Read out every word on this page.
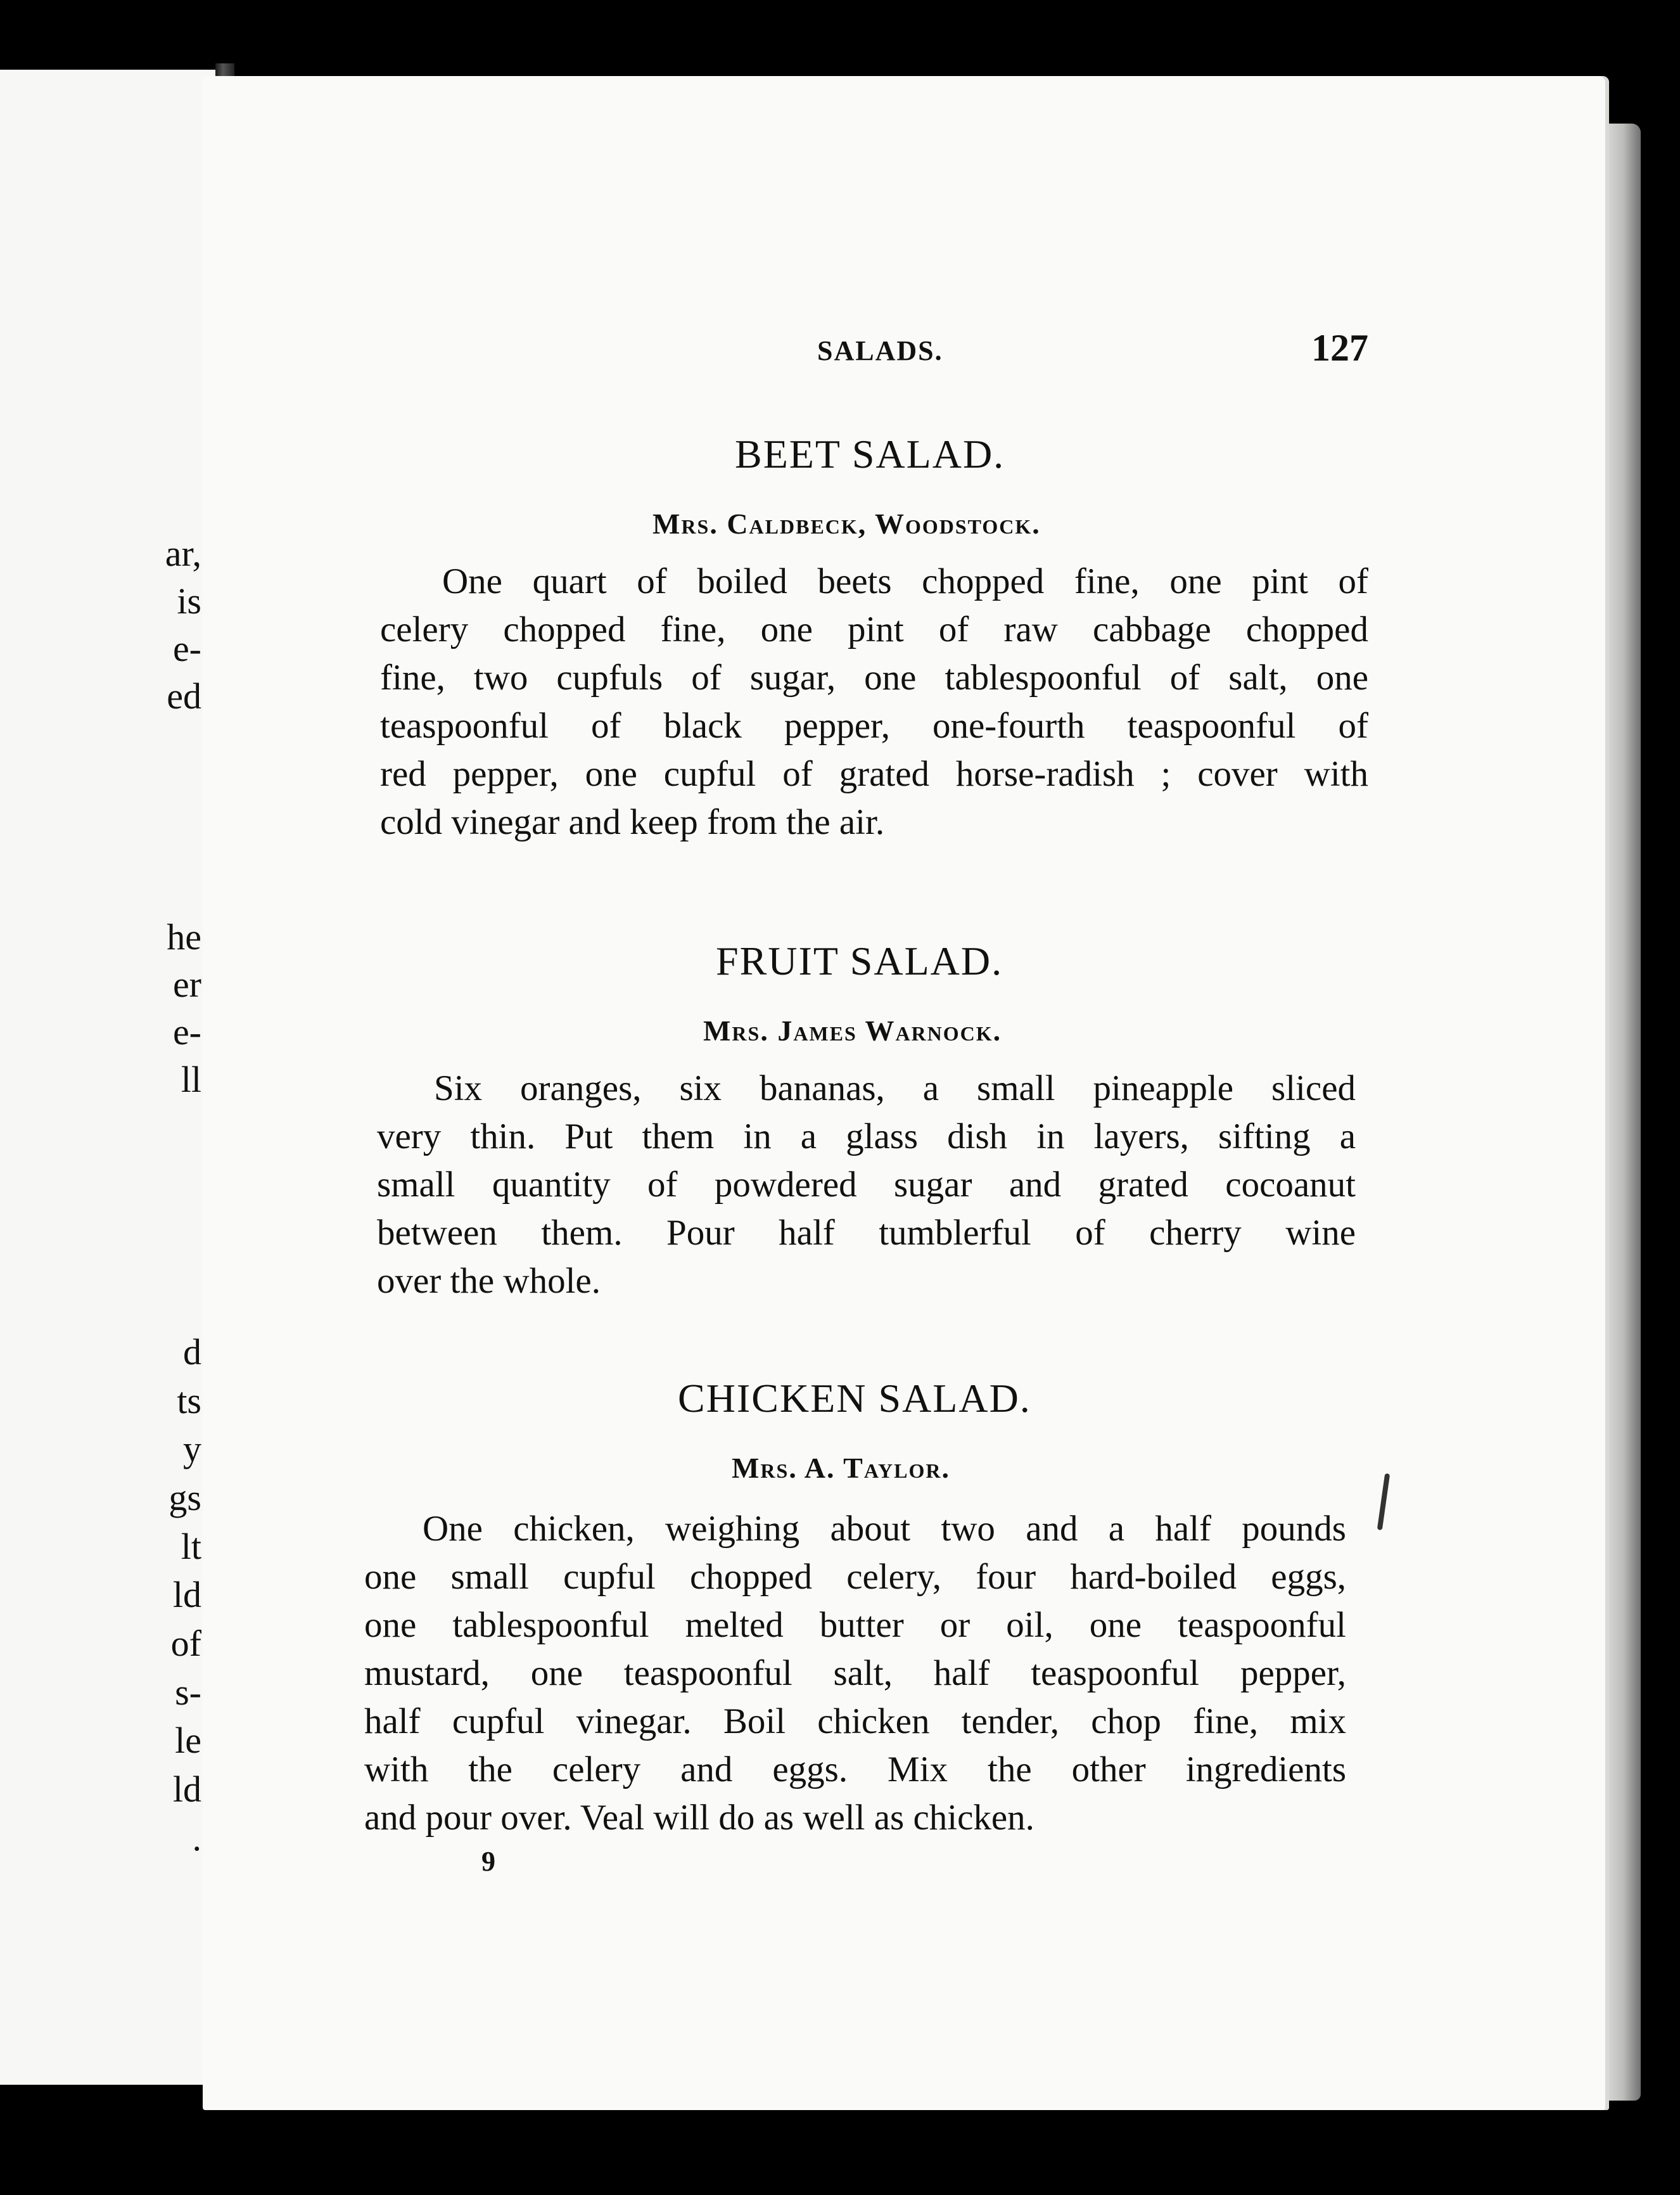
ar,
is
e-
ed
he
er
e-
ll
d
ts
y
gs
lt
ld
of
s-
le
ld
.
SALADS.	127
BEET SALAD.
Mrs. Caldbeck, Woodstock.
One quart of boiled beets chopped fine, one pint of
celery chopped fine, one pint of raw cabbage chopped
fine, two cupfuls of sugar, one tablespoonful of salt, one
teaspoonful of black pepper, one-fourth teaspoonful of
red pepper, one cupful of grated horse-radish ; cover with
cold vinegar and keep from the air.
FRUIT SALAD.
Mrs. James Warnock.
Six oranges, six bananas, a small pineapple sliced
very thin. Put them in a glass dish in layers, sifting a
small quantity of powdered sugar and grated cocoanut
between them. Pour half tumblerful of cherry wine
over the whole.
CHICKEN SALAD.
Mrs. A. Taylor.
One chicken, weighing about two and a half pounds
one small cupful chopped celery, four hard-boiled eggs,
one tablespoonful melted butter or oil, one teaspoonful
mustard, one teaspoonful salt, half teaspoonful pepper,
half cupful vinegar. Boil chicken tender, chop fine, mix
with the celery and eggs. Mix the other ingredients
and pour over. Veal will do as well as chicken.
9
